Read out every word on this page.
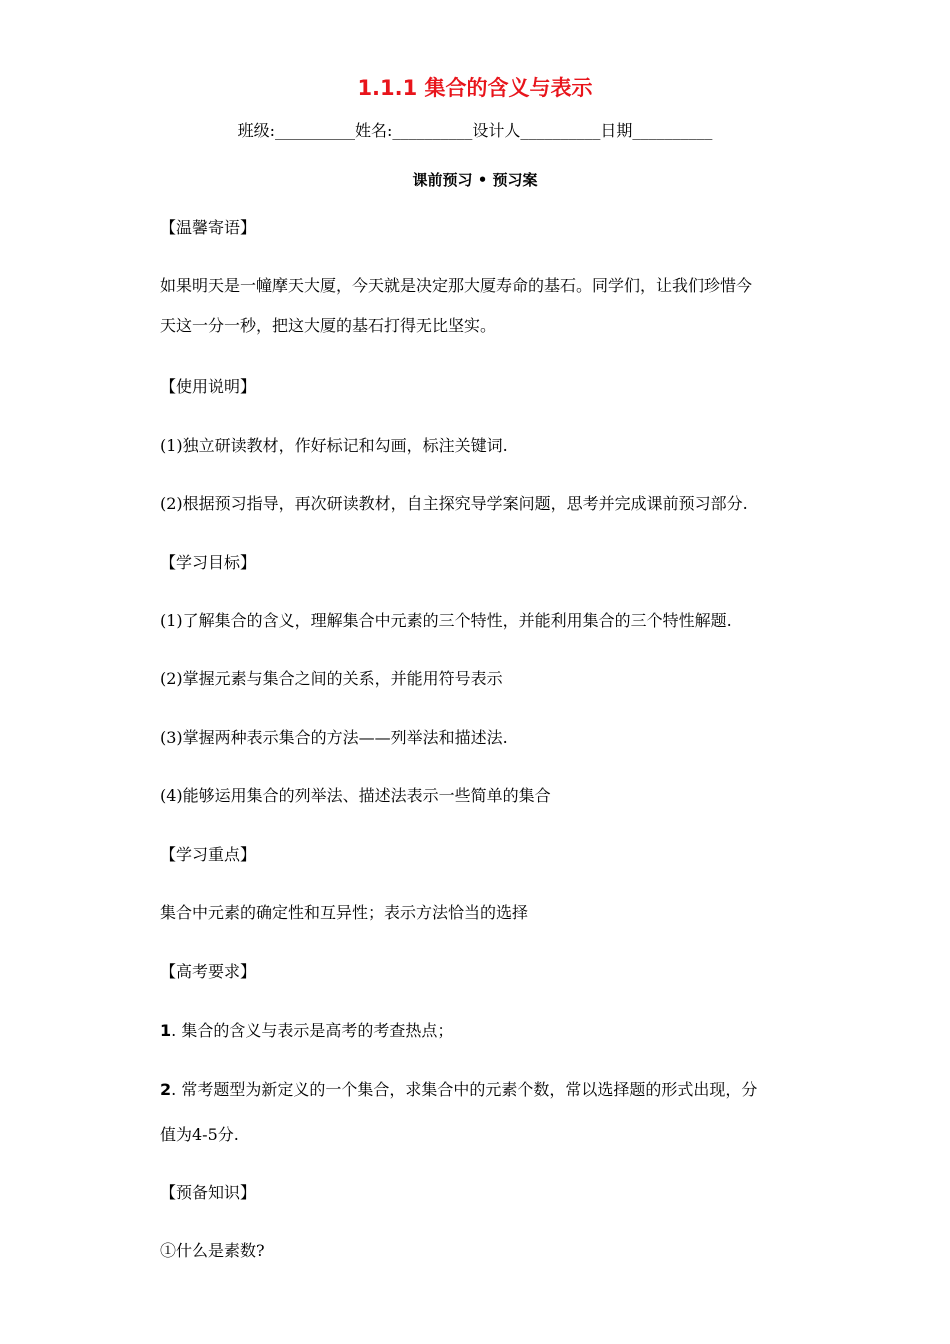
1.1.1 集合的含义与表示
班级:__________姓名:__________设计人__________日期__________
课前预习 • 预习案
【温馨寄语】
如果明天是一幢摩天大厦，今天就是决定那大厦寿命的基石。同学们，让我们珍惜今
天这一分一秒，把这大厦的基石打得无比坚实。
【使用说明】
(1)独立研读教材，作好标记和勾画，标注关键词.
(2)根据预习指导，再次研读教材，自主探究导学案问题，思考并完成课前预习部分.
【学习目标】
(1)了解集合的含义，理解集合中元素的三个特性，并能利用集合的三个特性解题.
(2)掌握元素与集合之间的关系，并能用符号表示
(3)掌握两种表示集合的方法——列举法和描述法.
(4)能够运用集合的列举法、描述法表示一些简单的集合
【学习重点】
集合中元素的确定性和互异性；表示方法恰当的选择
【高考要求】
1. 集合的含义与表示是高考的考查热点；
2. 常考题型为新定义的一个集合，求集合中的元素个数，常以选择题的形式出现，分
值为4-5分.
【预备知识】
①什么是素数?
